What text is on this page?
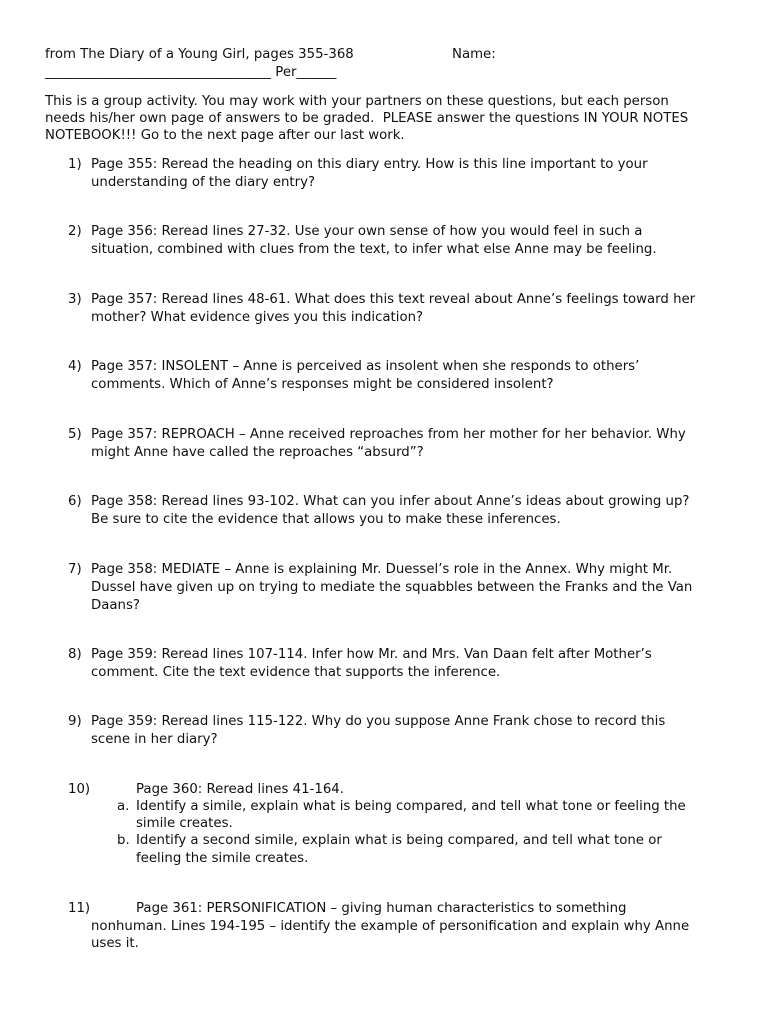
from The Diary of a Young Girl, pages 355-368	Name:
__________________________________ Per______
This is a group activity. You may work with your partners on these questions, but each person
needs his/her own page of answers to be graded.  PLEASE answer the questions IN YOUR NOTES
NOTEBOOK!!! Go to the next page after our last work.
1) Page 355: Reread the heading on this diary entry. How is this line important to your
understanding of the diary entry?
2) Page 356: Reread lines 27-32. Use your own sense of how you would feel in such a
situation, combined with clues from the text, to infer what else Anne may be feeling.
3) Page 357: Reread lines 48-61. What does this text reveal about Anne’s feelings toward her
mother? What evidence gives you this indication?
4) Page 357: INSOLENT – Anne is perceived as insolent when she responds to others’
comments. Which of Anne’s responses might be considered insolent?
5) Page 357: REPROACH – Anne received reproaches from her mother for her behavior. Why
might Anne have called the reproaches “absurd”?
6) Page 358: Reread lines 93-102. What can you infer about Anne’s ideas about growing up?
Be sure to cite the evidence that allows you to make these inferences.
7) Page 358: MEDIATE – Anne is explaining Mr. Duessel’s role in the Annex. Why might Mr.
Dussel have given up on trying to mediate the squabbles between the Franks and the Van
Daans?
8) Page 359: Reread lines 107-114. Infer how Mr. and Mrs. Van Daan felt after Mother’s
comment. Cite the text evidence that supports the inference.
9) Page 359: Reread lines 115-122. Why do you suppose Anne Frank chose to record this
scene in her diary?
10)	Page 360: Reread lines 41-164.
a. Identify a simile, explain what is being compared, and tell what tone or feeling the
simile creates.
b. Identify a second simile, explain what is being compared, and tell what tone or
feeling the simile creates.
11)	Page 361: PERSONIFICATION – giving human characteristics to something
nonhuman. Lines 194-195 – identify the example of personification and explain why Anne
uses it.
